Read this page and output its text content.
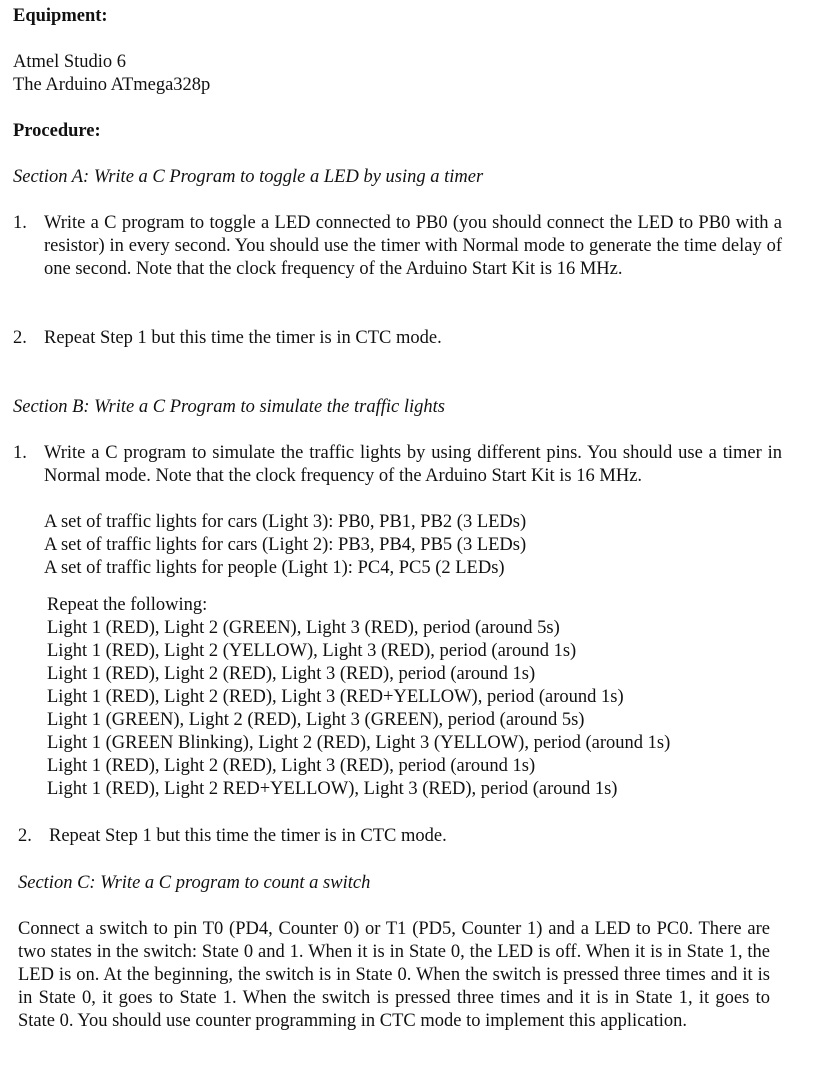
Equipment:
Atmel Studio 6
The Arduino ATmega328p
Procedure:
Section A: Write a C Program to toggle a LED by using a timer
1. Write a C program to toggle a LED connected to PB0 (you should connect the LED to PB0 with a resistor) in every second. You should use the timer with Normal mode to generate the time delay of one second. Note that the clock frequency of the Arduino Start Kit is 16 MHz.
2. Repeat Step 1 but this time the timer is in CTC mode.
Section B: Write a C Program to simulate the traffic lights
1. Write a C program to simulate the traffic lights by using different pins. You should use a timer in Normal mode. Note that the clock frequency of the Arduino Start Kit is 16 MHz.
A set of traffic lights for cars (Light 3): PB0, PB1, PB2 (3 LEDs)
A set of traffic lights for cars (Light 2): PB3, PB4, PB5 (3 LEDs)
A set of traffic lights for people (Light 1): PC4, PC5 (2 LEDs)
Repeat the following:
Light 1 (RED), Light 2 (GREEN), Light 3 (RED), period (around 5s)
Light 1 (RED), Light 2 (YELLOW), Light 3 (RED), period (around 1s)
Light 1 (RED), Light 2 (RED), Light 3 (RED), period (around 1s)
Light 1 (RED), Light 2 (RED), Light 3 (RED+YELLOW), period (around 1s)
Light 1 (GREEN), Light 2 (RED), Light 3 (GREEN), period (around 5s)
Light 1 (GREEN Blinking), Light 2 (RED), Light 3 (YELLOW), period (around 1s)
Light 1 (RED), Light 2 (RED), Light 3 (RED), period (around 1s)
Light 1 (RED), Light 2 RED+YELLOW), Light 3 (RED), period (around 1s)
2. Repeat Step 1 but this time the timer is in CTC mode.
Section C: Write a C program to count a switch
Connect a switch to pin T0 (PD4, Counter 0) or T1 (PD5, Counter 1) and a LED to PC0. There are two states in the switch: State 0 and 1. When it is in State 0, the LED is off. When it is in State 1, the LED is on. At the beginning, the switch is in State 0. When the switch is pressed three times and it is in State 0, it goes to State 1. When the switch is pressed three times and it is in State 1, it goes to State 0. You should use counter programming in CTC mode to implement this application.
